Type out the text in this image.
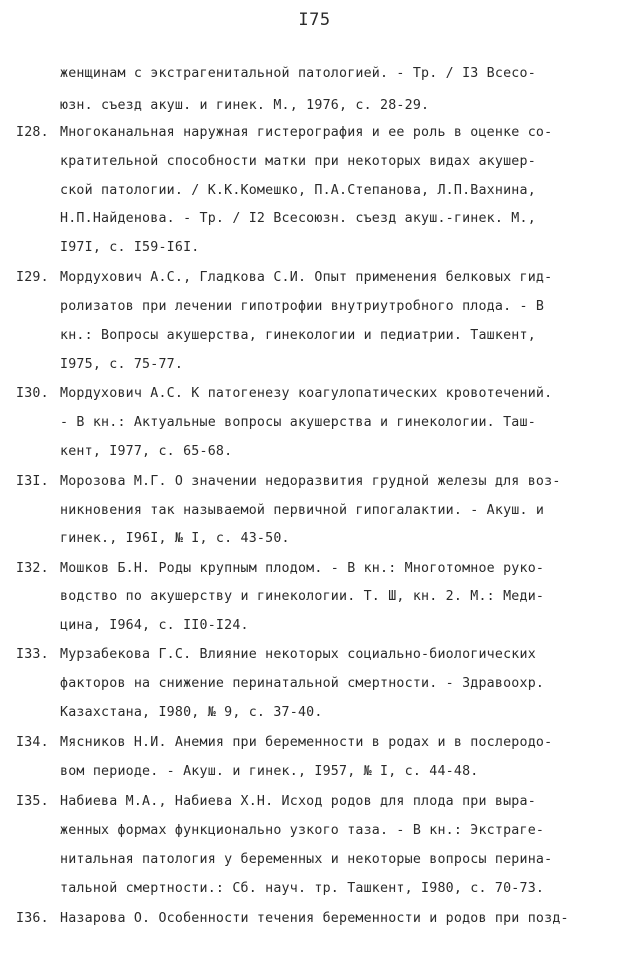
I75
женщинам с экстрагенитальной патологией. - Тр. / I3 Всесо-
юзн. съезд акуш. и гинек. М., 1976, с. 28-29.
I28. Многоканальная наружная гистерография и ее роль в оценке со-
кратительной способности матки при некоторых видах акушер-
ской патологии. / К.К.Комешко, П.А.Степанова, Л.П.Вахнина,
Н.П.Найденова. - Тр. / I2 Всесоюзн. съезд акуш.-гинек. М.,
I97I, с. I59-I6I.
I29. Мордухович А.С., Гладкова С.И. Опыт применения белковых гид-
ролизатов при лечении гипотрофии внутриутробного плода. - В
кн.: Вопросы акушерства, гинекологии и педиатрии. Ташкент,
I975, с. 75-77.
I30. Мордухович А.С. К патогенезу коагулопатических кровотечений.
- В кн.: Актуальные вопросы акушерства и гинекологии. Таш-
кент, I977, с. 65-68.
I3I. Морозова М.Г. О значении недоразвития грудной железы для воз-
никновения так называемой первичной гипогалактии. - Акуш. и
гинек., I96I, № I, с. 43-50.
I32. Мошков Б.Н. Роды крупным плодом. - В кн.: Многотомное руко-
водство по акушерству и гинекологии. Т. Ш, кн. 2. М.: Меди-
цина, I964, с. II0-I24.
I33. Мурзабекова Г.С. Влияние некоторых социально-биологических
факторов на снижение перинатальной смертности. - Здравоохр.
Казахстана, I980, № 9, с. 37-40.
I34. Мясников Н.И. Анемия при беременности в родах и в послеродо-
вом периоде. - Акуш. и гинек., I957, № I, с. 44-48.
I35. Набиева М.А., Набиева Х.Н. Исход родов для плода при выра-
женных формах функционально узкого таза. - В кн.: Экстраге-
нитальная патология у беременных и некоторые вопросы перина-
тальной смертности.: Сб. науч. тр. Ташкент, I980, с. 70-73.
I36. Назарова О. Особенности течения беременности и родов при позд-
